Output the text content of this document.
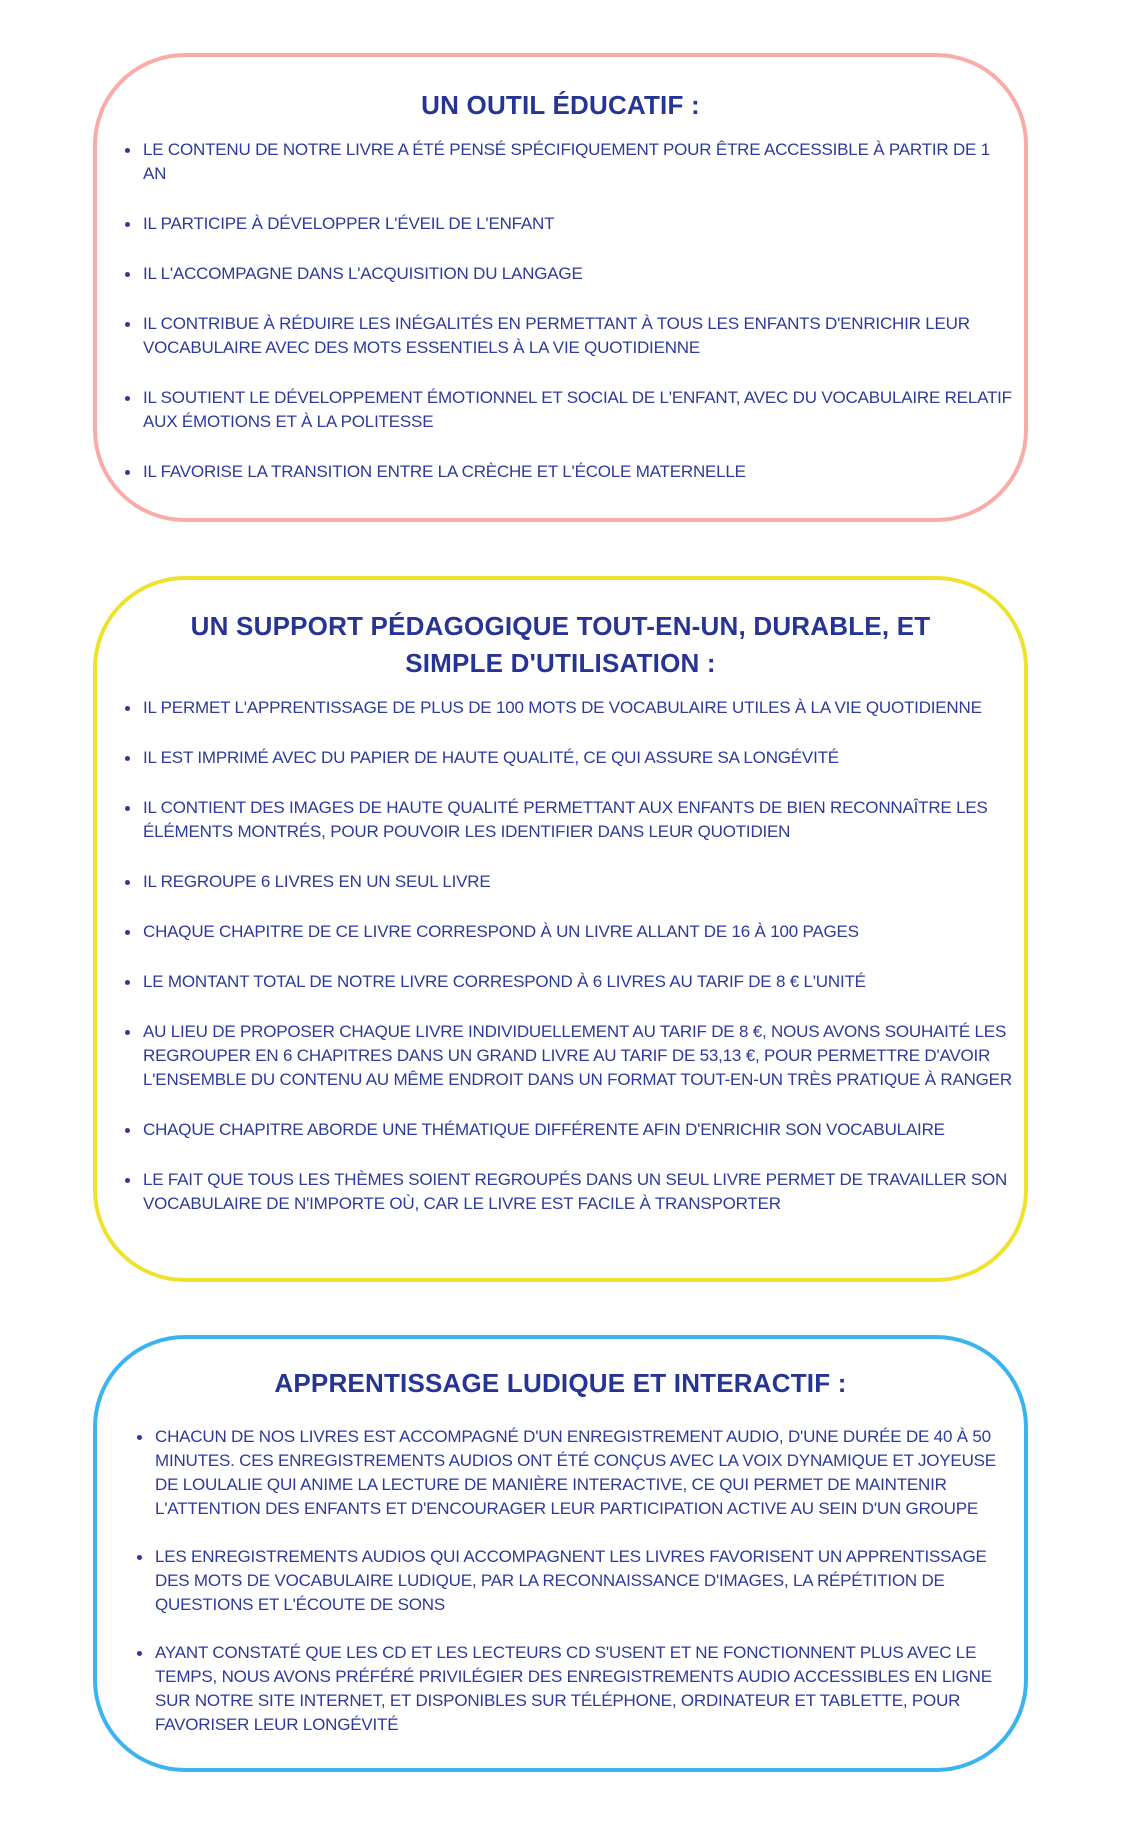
UN OUTIL ÉDUCATIF :
LE CONTENU DE NOTRE LIVRE A ÉTÉ PENSÉ SPÉCIFIQUEMENT POUR ÊTRE ACCESSIBLE À PARTIR DE 1 AN
IL PARTICIPE À DÉVELOPPER L'ÉVEIL DE L'ENFANT
IL L'ACCOMPAGNE DANS L'ACQUISITION DU LANGAGE
IL CONTRIBUE À RÉDUIRE LES INÉGALITÉS EN PERMETTANT À TOUS LES ENFANTS D'ENRICHIR LEUR VOCABULAIRE AVEC DES MOTS ESSENTIELS À LA VIE QUOTIDIENNE
IL SOUTIENT LE DÉVELOPPEMENT ÉMOTIONNEL ET SOCIAL DE L'ENFANT, AVEC DU VOCABULAIRE RELATIF AUX ÉMOTIONS ET À LA POLITESSE
IL FAVORISE LA TRANSITION ENTRE LA CRÈCHE ET L'ÉCOLE MATERNELLE
UN SUPPORT PÉDAGOGIQUE TOUT-EN-UN, DURABLE, ET
SIMPLE D'UTILISATION :
IL PERMET L'APPRENTISSAGE DE PLUS DE 100 MOTS DE VOCABULAIRE UTILES À LA VIE QUOTIDIENNE
IL EST IMPRIMÉ AVEC DU PAPIER DE HAUTE QUALITÉ, CE QUI ASSURE SA LONGÉVITÉ
IL CONTIENT DES IMAGES DE HAUTE QUALITÉ PERMETTANT AUX ENFANTS DE BIEN RECONNAÎTRE LES ÉLÉMENTS MONTRÉS, POUR POUVOIR LES IDENTIFIER DANS LEUR QUOTIDIEN
IL REGROUPE 6 LIVRES EN UN SEUL LIVRE
CHAQUE CHAPITRE DE CE LIVRE CORRESPOND À UN LIVRE ALLANT DE 16 À 100 PAGES
LE MONTANT TOTAL DE NOTRE LIVRE CORRESPOND À 6 LIVRES AU TARIF DE 8 € L'UNITÉ
AU LIEU DE PROPOSER CHAQUE LIVRE INDIVIDUELLEMENT AU TARIF DE 8 €, NOUS AVONS SOUHAITÉ LES REGROUPER EN 6 CHAPITRES DANS UN GRAND LIVRE AU TARIF DE 53,13 €, POUR PERMETTRE D'AVOIR L'ENSEMBLE DU CONTENU AU MÊME ENDROIT DANS UN FORMAT TOUT-EN-UN TRÈS PRATIQUE À RANGER
CHAQUE CHAPITRE ABORDE UNE THÉMATIQUE DIFFÉRENTE AFIN D'ENRICHIR SON VOCABULAIRE
LE FAIT QUE TOUS LES THÈMES SOIENT REGROUPÉS DANS UN SEUL LIVRE PERMET DE TRAVAILLER SON VOCABULAIRE DE N'IMPORTE OÙ, CAR LE LIVRE EST FACILE À TRANSPORTER
APPRENTISSAGE LUDIQUE ET INTERACTIF :
CHACUN DE NOS LIVRES EST ACCOMPAGNÉ D'UN ENREGISTREMENT AUDIO, D'UNE DURÉE DE 40 À 50 MINUTES. CES ENREGISTREMENTS AUDIOS ONT ÉTÉ CONÇUS AVEC LA VOIX DYNAMIQUE ET JOYEUSE DE LOULALIE QUI ANIME LA LECTURE DE MANIÈRE INTERACTIVE, CE QUI PERMET DE MAINTENIR L'ATTENTION DES ENFANTS ET D'ENCOURAGER LEUR PARTICIPATION ACTIVE AU SEIN D'UN GROUPE
LES ENREGISTREMENTS AUDIOS QUI ACCOMPAGNENT LES LIVRES FAVORISENT UN APPRENTISSAGE DES MOTS DE VOCABULAIRE LUDIQUE, PAR LA RECONNAISSANCE D'IMAGES, LA RÉPÉTITION DE QUESTIONS ET L'ÉCOUTE DE SONS
AYANT CONSTATÉ QUE LES CD ET LES LECTEURS CD S'USENT ET NE FONCTIONNENT PLUS AVEC LE TEMPS, NOUS AVONS PRÉFÉRÉ PRIVILÉGIER DES ENREGISTREMENTS AUDIO ACCESSIBLES EN LIGNE SUR NOTRE SITE INTERNET, ET DISPONIBLES SUR TÉLÉPHONE, ORDINATEUR ET TABLETTE, POUR FAVORISER LEUR LONGÉVITÉ
